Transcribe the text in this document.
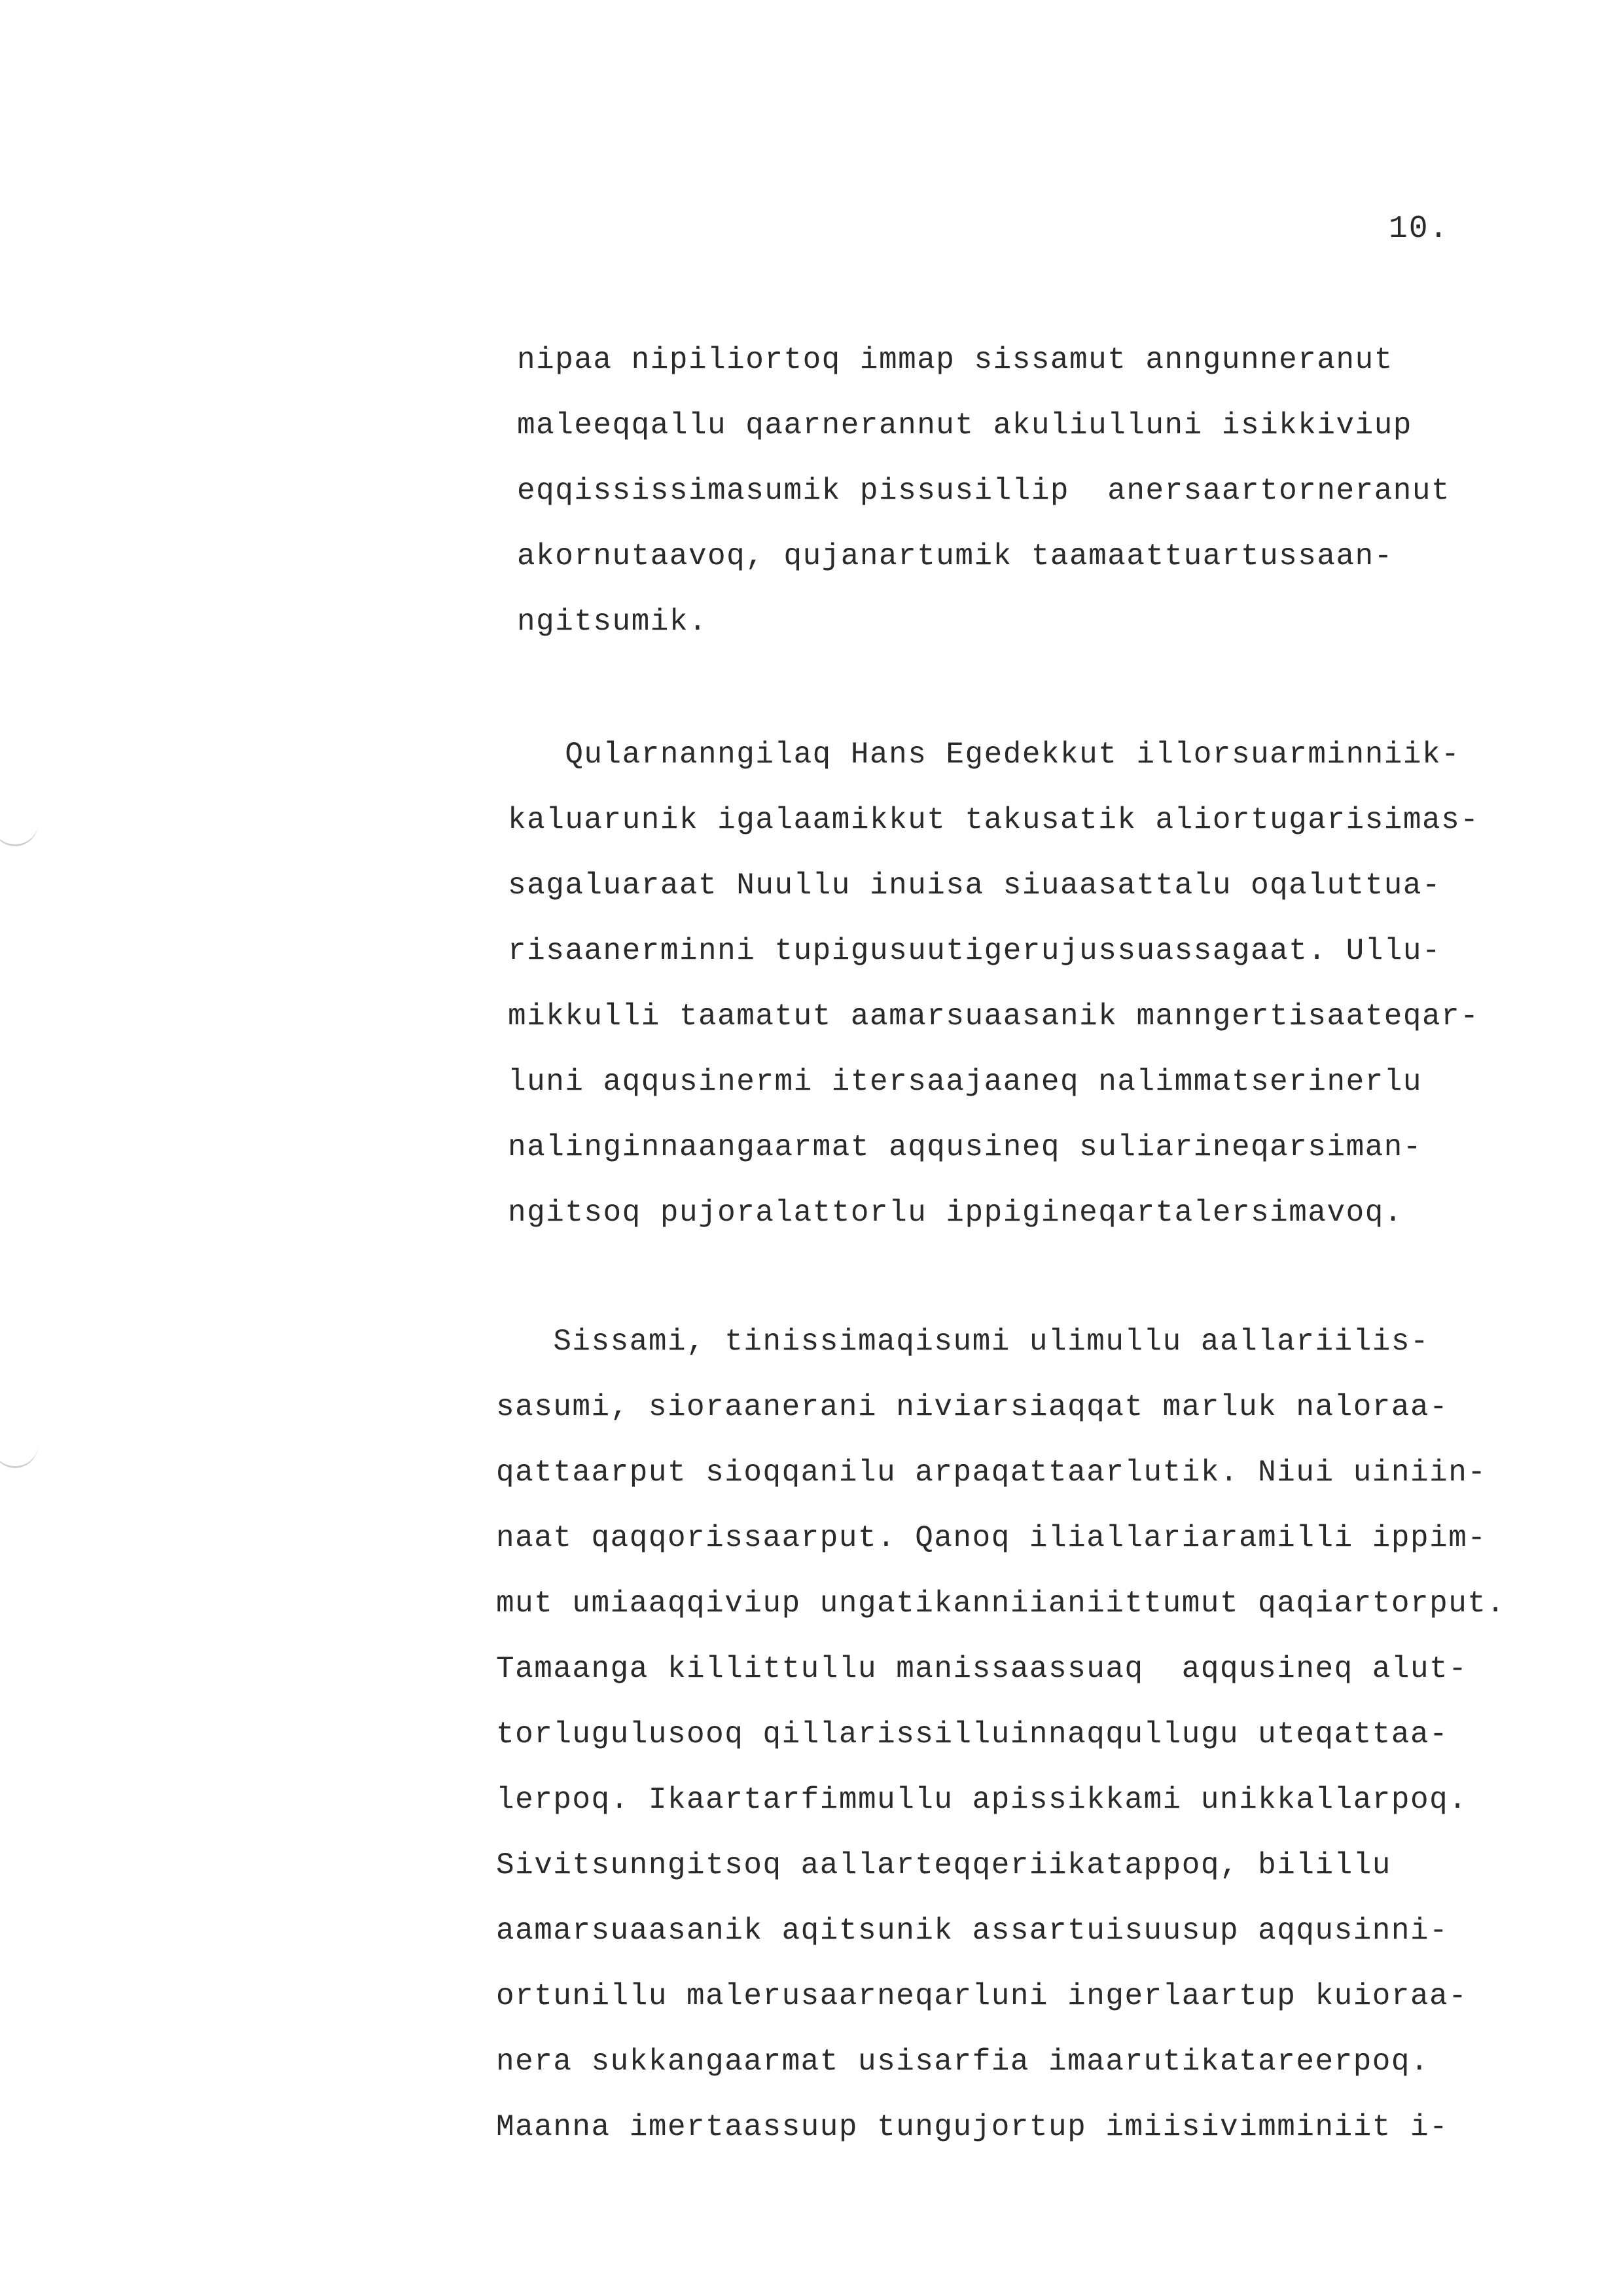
10.
nipaa nipiliortoq immap sissamut anngunneranut
maleeqqallu qaarnerannut akuliulluni isikkiviup
eqqississimasumik pissusillip  anersaartorneranut
akornutaavoq, qujanartumik taamaattuartussaan-
ngitsumik.
Qularnanngilaq Hans Egedekkut illorsuarminniik-
kaluarunik igalaamikkut takusatik aliortugarisimas-
sagaluaraat Nuullu inuisa siuaasattalu oqaluttua-
risaanerminni tupigusuutigerujussuassagaat. Ullu-
mikkulli taamatut aamarsuaasanik manngertisaateqar-
luni aqqusinermi itersaajaaneq nalimmatserinerlu
nalinginnaangaarmat aqqusineq suliarineqarsiman-
ngitsoq pujoralattorlu ippigineqartalersimavoq.
Sissami, tinissimaqisumi ulimullu aallariilis-
sasumi, sioraanerani niviarsiaqqat marluk naloraa-
qattaarput sioqqanilu arpaqattaarlutik. Niui uiniin-
naat qaqqorissaarput. Qanoq iliallariaramilli ippim-
mut umiaaqqiviup ungatikanniianiittumut qaqiartorput.
Tamaanga killittullu manissaassuaq  aqqusineq alut-
torlugulusooq qillarissilluinnaqqullugu uteqattaa-
lerpoq. Ikaartarfimmullu apissikkami unikkallarpoq.
Sivitsunngitsoq aallarteqqeriikatappoq, bilillu
aamarsuaasanik aqitsunik assartuisuusup aqqusinni-
ortunillu malerusaarneqarluni ingerlaartup kuioraa-
nera sukkangaarmat usisarfia imaarutikatareerpoq.
Maanna imertaassuup tungujortup imiisivimminiit i-
